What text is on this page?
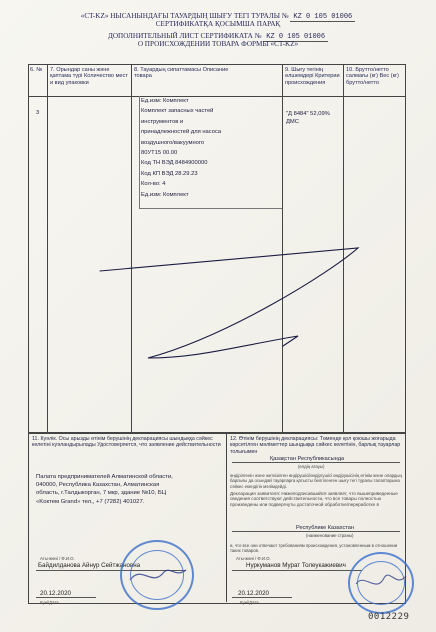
«CT-KZ» НЫСАНЫНДАҒЫ ТАУАРДЫҢ ШЫҒУ ТЕГІ ТУРАЛЫ № KZ 0 105 01006
СЕРТИФИКАТҚА ҚОСЫМША ПАРАҚ
ДОПОЛНИТЕЛЬНЫЙ ЛИСТ СЕРТИФИКАТА № KZ 0 105 01006
О ПРОИСХОЖДЕНИИ ТОВАРА ФОРМЫ «CT-KZ»
6. №	7. Орындар саны және қаптама түрі Количество мест и вид упаковки
8. Тауардың сипаттамасы Описание товара
9. Шығу тегінің өлшемдері Критерии происхождения
10. Брутто/нетто салмағы (кг) Вес (кг) брутто/нетто
3
Ед.изм: Комплект
Комплект запасных частей
инструментов и
принадлежностей для насоса
воздушного/вакуумного
80УТ15 00.00
Код ТН ВЭД 8484900000
Код КП ВЭД 28.29.23
Кол-во: 4
Ед.изм: Комплект
"Д 8484" 52,09% ДМС
11. Куәлік. Осы арызды өтінім берушінің декларациясы шындыққа сәйкес келетіні куәландырылады Удостоверяется, что заявление действительности
Палата предпринимателей Алматинской области,
040000, Республика Казахстан, Алматинская
область, г.Талдыкорган, 7 мкр, здание №10, БЦ
«Koктем Grand» тел,, +7 (7282) 401027.
Аты-жөні / Ф.И.О.
Байдилданова Айнур Сейтжановна
20.12.2020
Күні/Дата
12. Өтінім берушінің декларациясы: Төменде қол қоюшы жоғарыда көрсетілген мәліметтер шындыққа сәйкес келетінін, барлық тауарлар толығымен
Қазақстан Республикасында
(елдің атауы)
өндірілгенін және жеткізілген өндірушісі/өндіргушісі өндірушісінің өтінім және олардың барлығы да осындай тауарларға қатысты белгіленген шығу тегі туралы талаптарына сәйкес екендігін мәлімдейді.
Декларация заявителя: Нижеподписавшийся заявляет, что вышеприведенные сведения соответствуют действительности, что все товары полностью произведены или подвергнуты достаточной обработке/переработке в
Республике Казахстан
(наименование страны)
и, что все они отвечают требованиям происхождения, установленным в отношении таких товаров.
Аты-жөні / Ф.И.О.
Нуркуманов Мурат Толеукажиевич
20.12.2020
Күні/Дата
0012229
